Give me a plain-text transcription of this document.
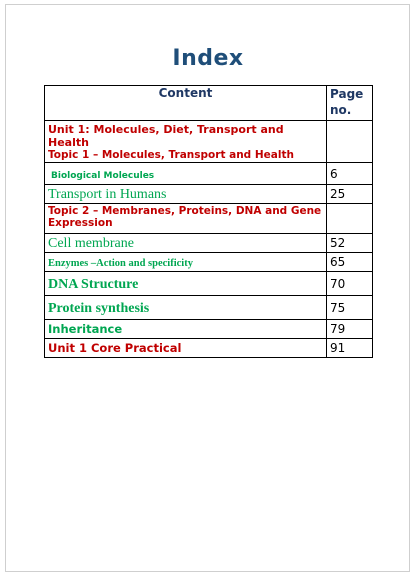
Index
Content	Page no.

Unit 1: Molecules, Diet, Transport and Health
Topic 1 – Molecules, Transport and Health	

Biological Molecules	6
Transport in Humans	25

Topic 2 – Membranes, Proteins, DNA and Gene Expression	

Cell membrane	52
Enzymes –Action and specificity	65
DNA Structure	70
Protein synthesis	75
Inheritance	79
Unit 1 Core Practical	91
